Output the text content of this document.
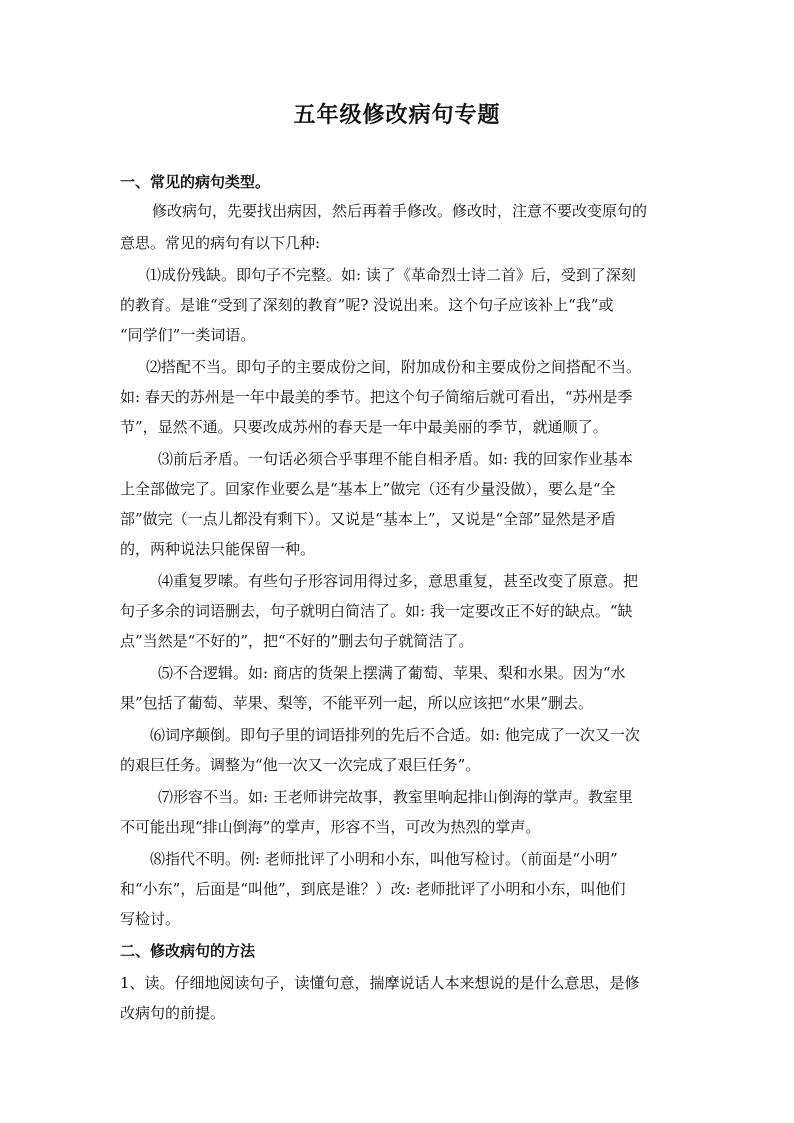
五年级修改病句专题
一、常见的病句类型。
修改病句，先要找出病因，然后再着手修改。修改时，注意不要改变原句的
意思。常见的病句有以下几种:
⑴成份残缺。即句子不完整。如: 读了《革命烈士诗二首》后，受到了深刻
的教育。是谁“受到了深刻的教育”呢? 没说出来。这个句子应该补上“我”或
“同学们”一类词语。
⑵搭配不当。即句子的主要成份之间，附加成份和主要成份之间搭配不当。
如: 春天的苏州是一年中最美的季节。把这个句子简缩后就可看出，“苏州是季
节”，显然不通。只要改成苏州的春天是一年中最美丽的季节，就通顺了。
⑶前后矛盾。一句话必须合乎事理不能自相矛盾。如: 我的回家作业基本
上全部做完了。回家作业要么是“基本上”做完（还有少量没做），要么是“全
部”做完（一点儿都没有剩下）。又说是“基本上”，又说是“全部”显然是矛盾
的，两种说法只能保留一种。
⑷重复罗嗦。有些句子形容词用得过多，意思重复，甚至改变了原意。把
句子多余的词语删去，句子就明白简洁了。如: 我一定要改正不好的缺点。“缺
点”当然是“不好的”，把“不好的”删去句子就简洁了。
⑸不合逻辑。如: 商店的货架上摆满了葡萄、苹果、梨和水果。因为“水
果”包括了葡萄、苹果、梨等，不能平列一起，所以应该把“水果”删去。
⑹词序颠倒。即句子里的词语排列的先后不合适。如: 他完成了一次又一次
的艰巨任务。调整为“他一次又一次完成了艰巨任务”。
⑺形容不当。如: 王老师讲完故事，教室里响起排山倒海的掌声。教室里
不可能出现“排山倒海”的掌声，形容不当，可改为热烈的掌声。
⑻指代不明。例: 老师批评了小明和小东，叫他写检讨。（前面是“小明”
和“小东”，后面是“叫他”，到底是谁？）改: 老师批评了小明和小东，叫他们
写检讨。
二、修改病句的方法
1、读。仔细地阅读句子，读懂句意，揣摩说话人本来想说的是什么意思，是修
改病句的前提。
